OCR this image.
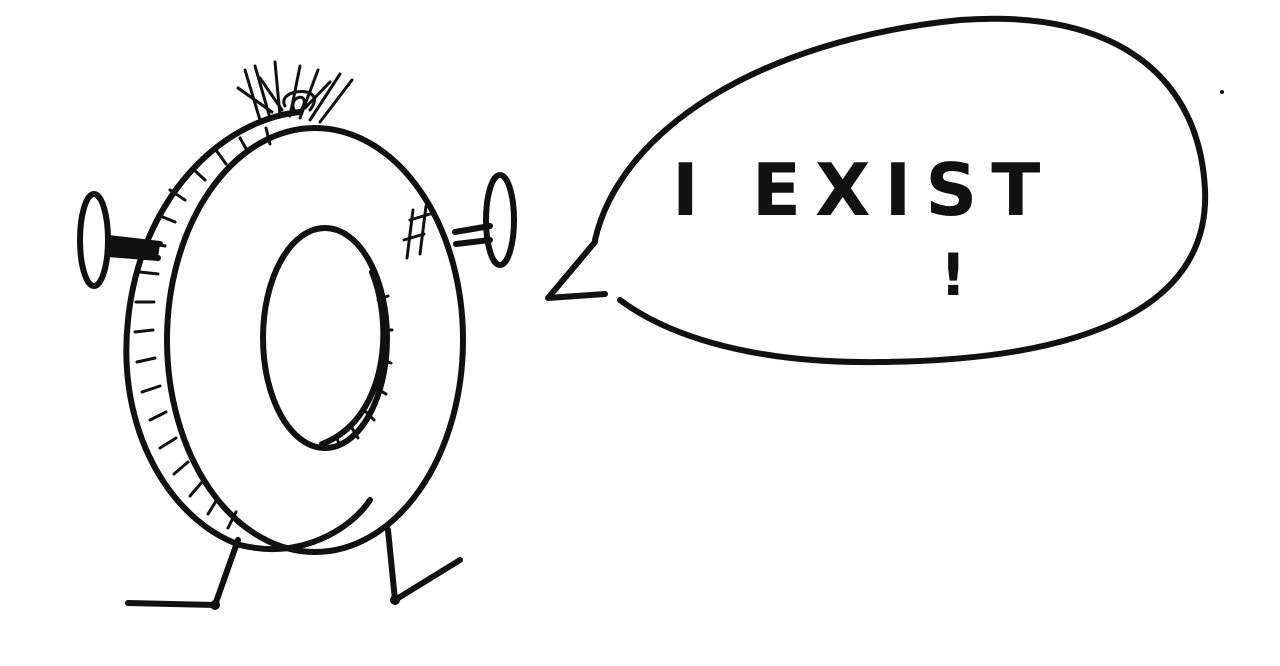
I EXIST
!
